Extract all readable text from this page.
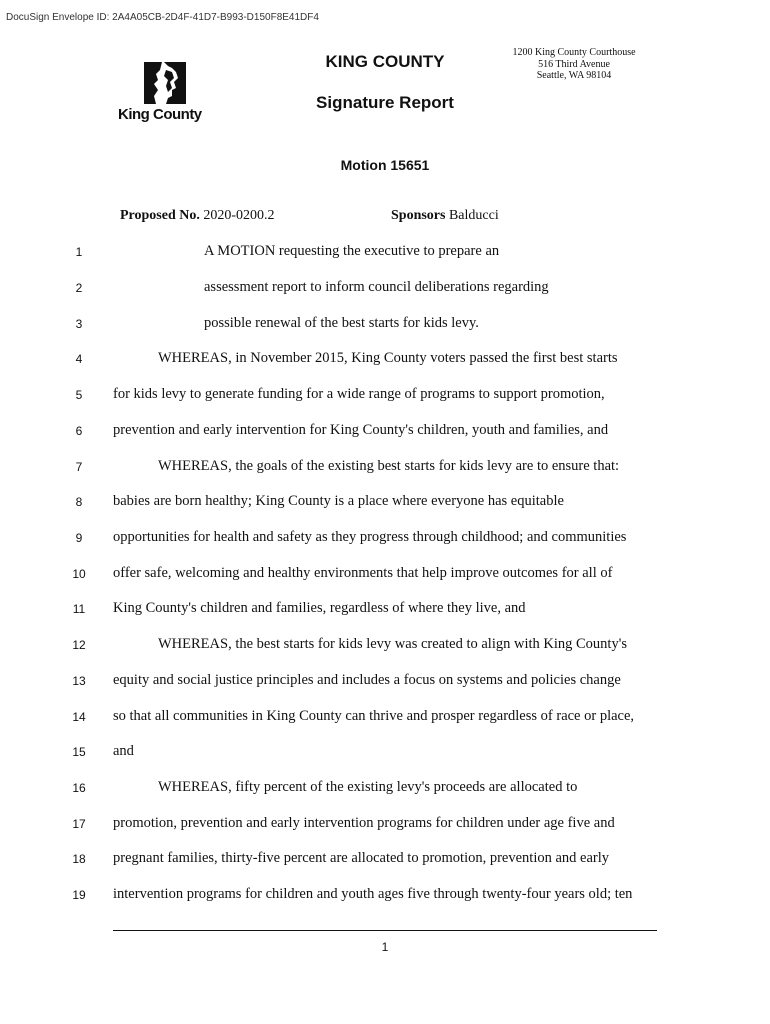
DocuSign Envelope ID: 2A4A05CB-2D4F-41D7-B993-D150F8E41DF4
King County
KING COUNTY
Signature Report
1200 King County Courthouse
516 Third Avenue
Seattle, WA 98104
Motion 15651
Proposed No. 2020-0200.2	Sponsors Balducci
1	A MOTION requesting the executive to prepare an
2	assessment report to inform council deliberations regarding
3	possible renewal of the best starts for kids levy.
4	WHEREAS, in November 2015, King County voters passed the first best starts
5	for kids levy to generate funding for a wide range of programs to support promotion,
6	prevention and early intervention for King County's children, youth and families, and
7	WHEREAS, the goals of the existing best starts for kids levy are to ensure that:
8	babies are born healthy; King County is a place where everyone has equitable
9	opportunities for health and safety as they progress through childhood; and communities
10	offer safe, welcoming and healthy environments that help improve outcomes for all of
11	King County's children and families, regardless of where they live, and
12	WHEREAS, the best starts for kids levy was created to align with King County's
13	equity and social justice principles and includes a focus on systems and policies change
14	so that all communities in King County can thrive and prosper regardless of race or place,
15	and
16	WHEREAS, fifty percent of the existing levy's proceeds are allocated to
17	promotion, prevention and early intervention programs for children under age five and
18	pregnant families, thirty-five percent are allocated to promotion, prevention and early
19	intervention programs for children and youth ages five through twenty-four years old; ten
1
